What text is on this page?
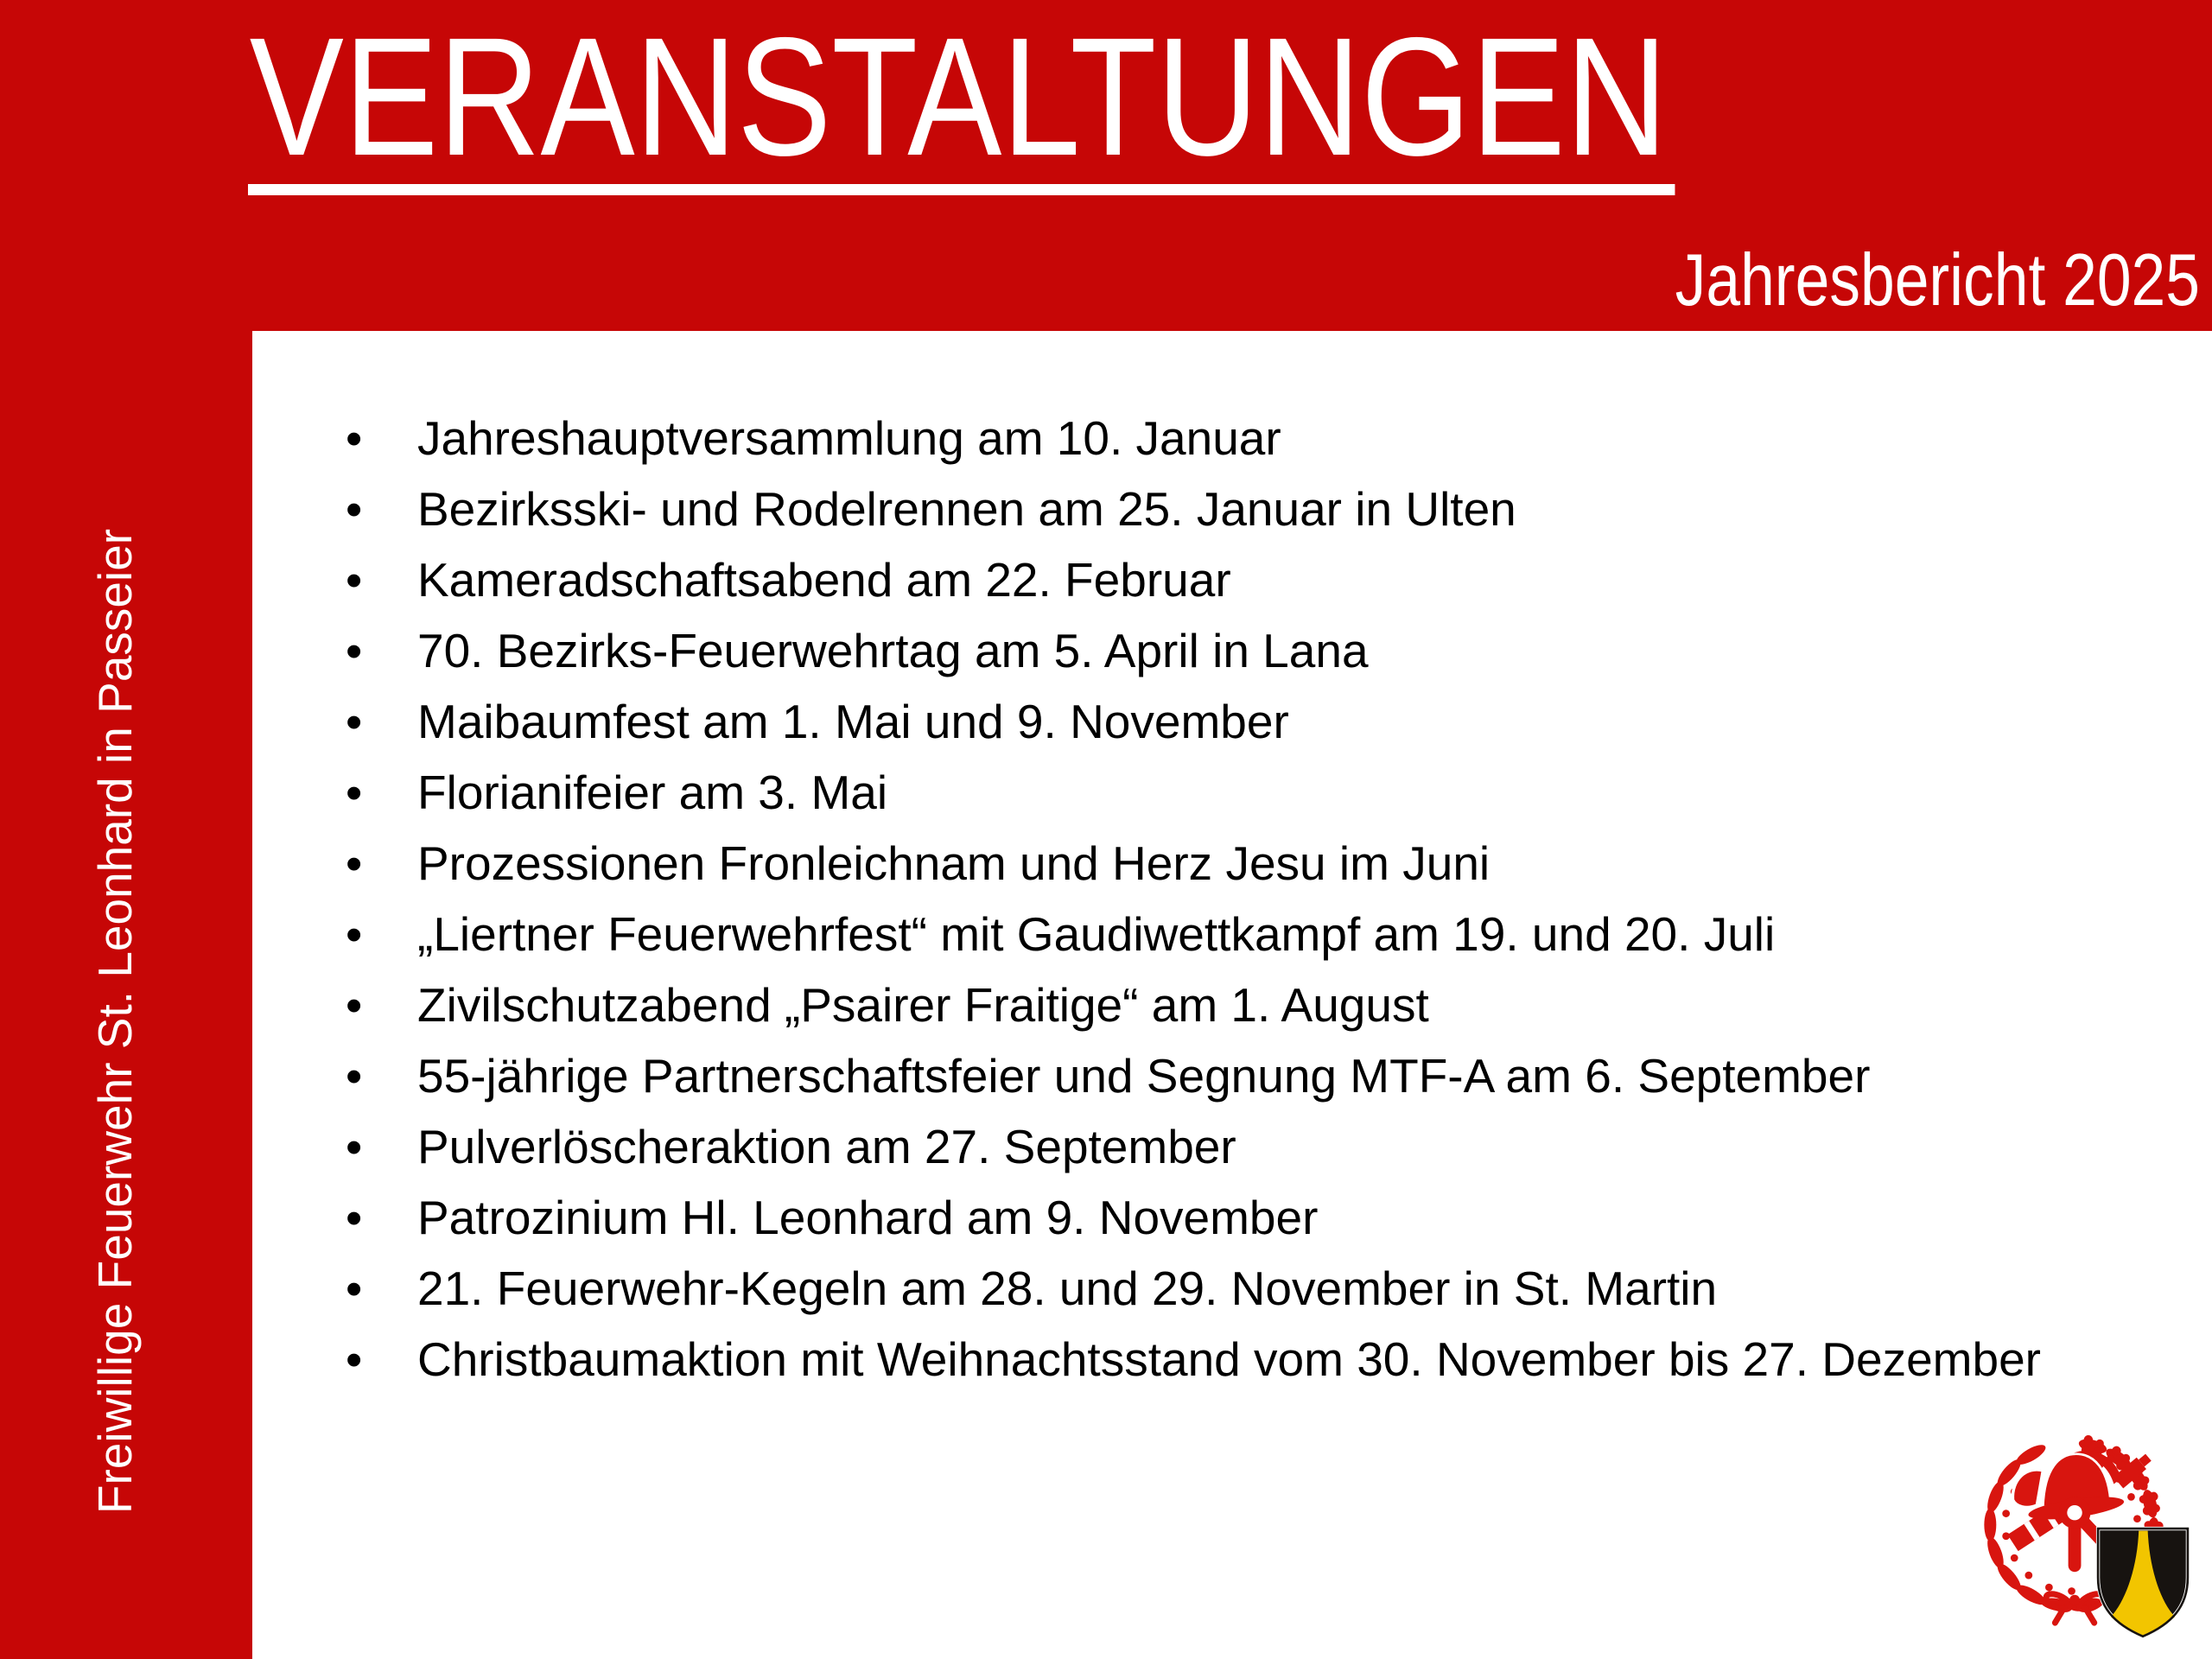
VERANSTALTUNGEN
Jahresbericht 2025
Freiwillige Feuerwehr St. Leonhard in Passeier
•	Jahreshauptversammlung am 10. Januar
•	Bezirksski- und Rodelrennen am 25. Januar in Ulten
•	Kameradschaftsabend am 22. Februar
•	70. Bezirks-Feuerwehrtag am 5. April in Lana
•	Maibaumfest am 1. Mai und 9. November
•	Florianifeier am 3. Mai
•	Prozessionen Fronleichnam und Herz Jesu im Juni
•	„Liertner Feuerwehrfest“ mit Gaudiwettkampf am 19. und 20. Juli
•	Zivilschutzabend „Psairer Fraitige“ am 1. August
•	55-jährige Partnerschaftsfeier und Segnung MTF-A am 6. September
•	Pulverlöscheraktion am 27. September
•	Patrozinium Hl. Leonhard am 9. November
•	21. Feuerwehr-Kegeln am 28. und 29. November in St. Martin
•	Christbaumaktion mit Weihnachtsstand vom 30. November bis 27. Dezember
